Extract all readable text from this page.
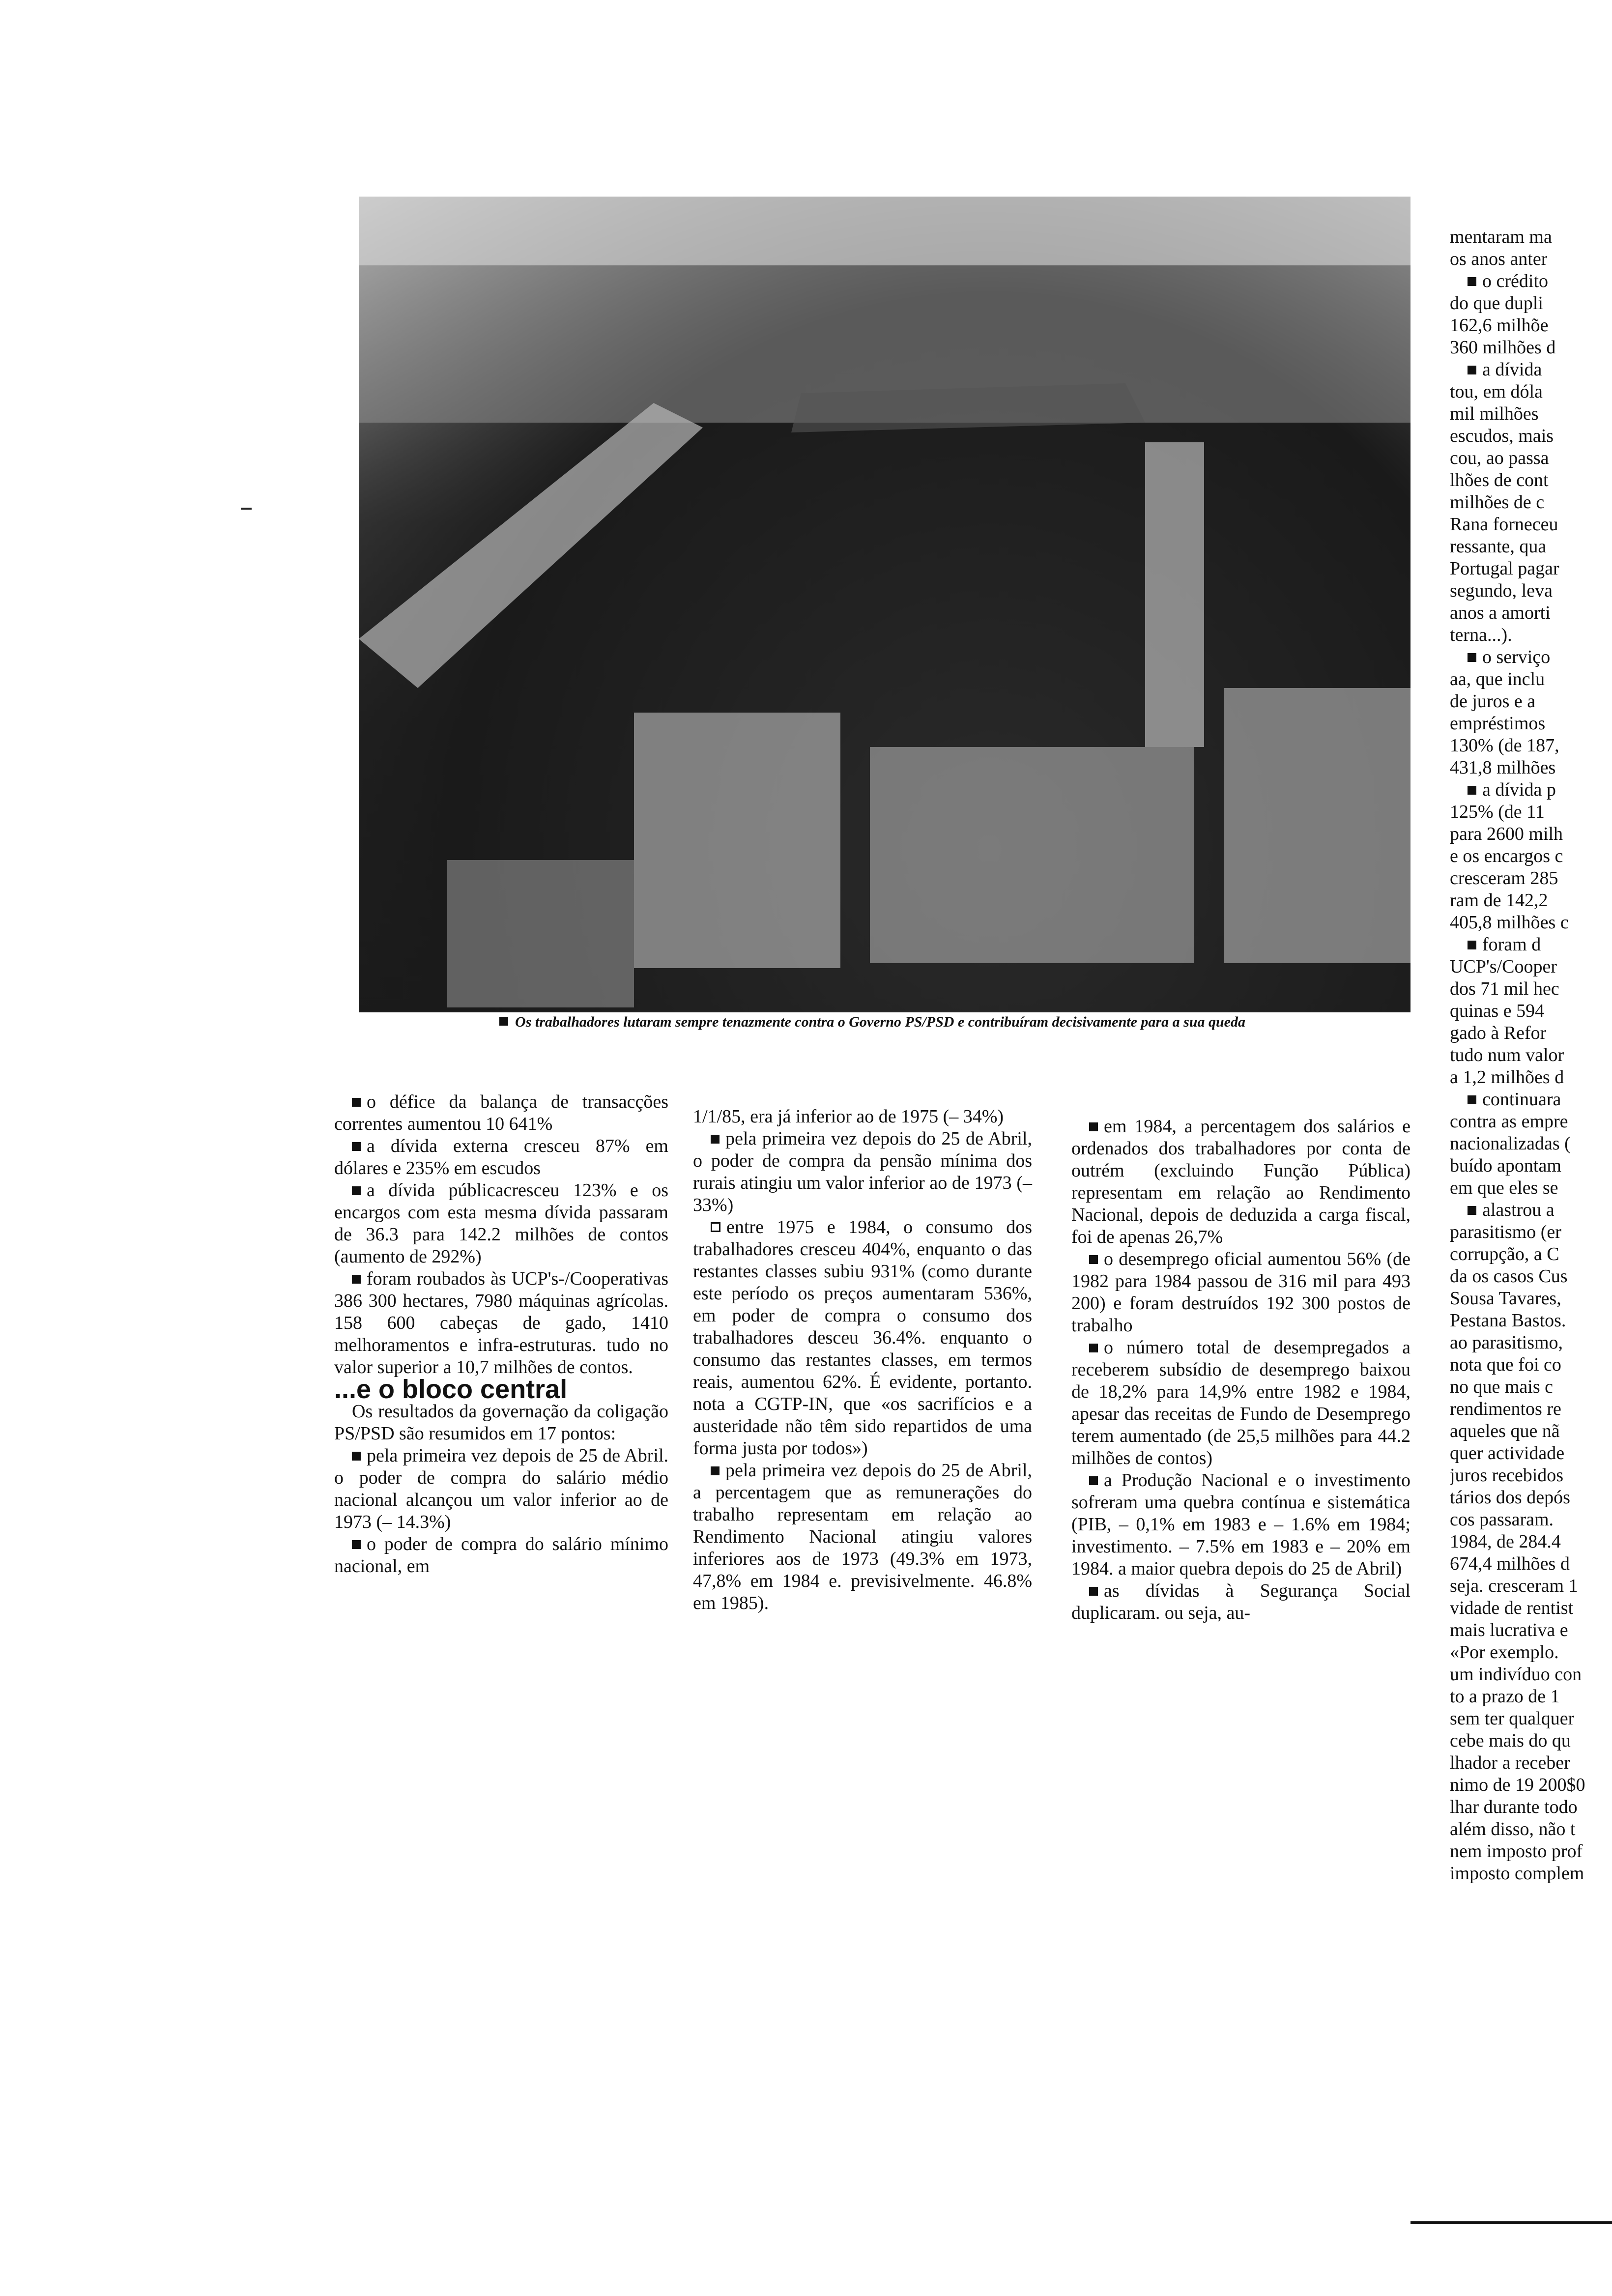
Os trabalhadores lutaram sempre tenazmente contra o Governo PS/PSD e contribuíram decisivamente para a sua queda

o défice da balança de transacções correntes aumentou 10 641%

a dívida externa cresceu 87% em dólares e 235% em escudos

a dívida públicacresceu 123% e os encargos com esta mesma dívida passaram de 36.3 para 142.2 milhões de contos (aumento de 292%)

foram roubados às UCP's-/Cooperativas 386 300 hectares, 7980 máquinas agrícolas. 158 600 cabeças de gado, 1410 melhoramentos e infra-estruturas. tudo no valor superior a 10,7 milhões de contos.

...e o bloco central

Os resultados da governação da coligação PS/PSD são resumidos em 17 pontos:

pela primeira vez depois de 25 de Abril. o poder de compra do salário médio nacional alcançou um valor inferior ao de 1973 (– 14.3%)

o poder de compra do salário mínimo nacional, em

1/1/85, era já inferior ao de 1975 (– 34%)

pela primeira vez depois do 25 de Abril, o poder de compra da pensão mínima dos rurais atingiu um valor inferior ao de 1973 (– 33%)

entre 1975 e 1984, o consumo dos trabalhadores cresceu 404%, enquanto o das restantes classes subiu 931% (como durante este período os preços aumentaram 536%, em poder de compra o consumo dos trabalhadores desceu 36.4%. enquanto o consumo das restantes classes, em termos reais, aumentou 62%. É evidente, portanto. nota a CGTP-IN, que «os sacrifícios e a austeridade não têm sido repartidos de uma forma justa por todos»)

pela primeira vez depois do 25 de Abril, a percentagem que as remunerações do trabalho representam em relação ao Rendimento Nacional atingiu valores inferiores aos de 1973 (49.3% em 1973, 47,8% em 1984 e. previsivelmente. 46.8% em 1985).

em 1984, a percentagem dos salários e ordenados dos trabalhadores por conta de outrém (excluindo Função Pública) representam em relação ao Rendimento Nacional, depois de deduzida a carga fiscal, foi de apenas 26,7%

o desemprego oficial aumentou 56% (de 1982 para 1984 passou de 316 mil para 493 200) e foram destruídos 192 300 postos de trabalho

o número total de desempregados a receberem subsídio de desemprego baixou de 18,2% para 14,9% entre 1982 e 1984, apesar das receitas de Fundo de Desemprego terem aumentado (de 25,5 milhões para 44.2 milhões de contos)

a Produção Nacional e o investimento sofreram uma quebra contínua e sistemática (PIB, – 0,1% em 1983 e – 1.6% em 1984; investimento. – 7.5% em 1983 e – 20% em 1984. a maior quebra depois do 25 de Abril)

as dívidas à Segurança Social duplicaram. ou seja, au-

mentaram ma

os anos anter

o crédito

do que dupli

162,6 milhõe

360 milhões d

a dívida

tou, em dóla

mil milhões

escudos, mais

cou, ao passa

lhões de cont

milhões de c

Rana forneceu

ressante, qua

Portugal pagar

segundo, leva

anos a amorti

terna...).

o serviço

aa, que inclu

de juros e a

empréstimos

130% (de 187,

431,8 milhões

a dívida p

125% (de 11

para 2600 milh

e os encargos c

cresceram 285

ram de 142,2

405,8 milhões c

foram d

UCP's/Cooper

dos 71 mil hec

quinas e 594

gado à Refor

tudo num valor

a 1,2 milhões d

continuara

contra as empre

nacionalizadas (

buído apontam

em que eles se

alastrou a

parasitismo (er

corrupção, a C

da os casos Cus

Sousa Tavares,

Pestana Bastos.

ao parasitismo,

nota que foi co

no que mais c

rendimentos re

aqueles que nã

quer actividade

juros recebidos

tários dos depós

cos passaram.

1984, de 284.4

674,4 milhões d

seja. cresceram 1

vidade de rentist

mais lucrativa e

«Por exemplo.

um indivíduo con

to a prazo de 1

sem ter qualquer

cebe mais do qu

lhador a receber

nimo de 19 200$0

lhar durante todo

além disso, não t

nem imposto prof

imposto complem
